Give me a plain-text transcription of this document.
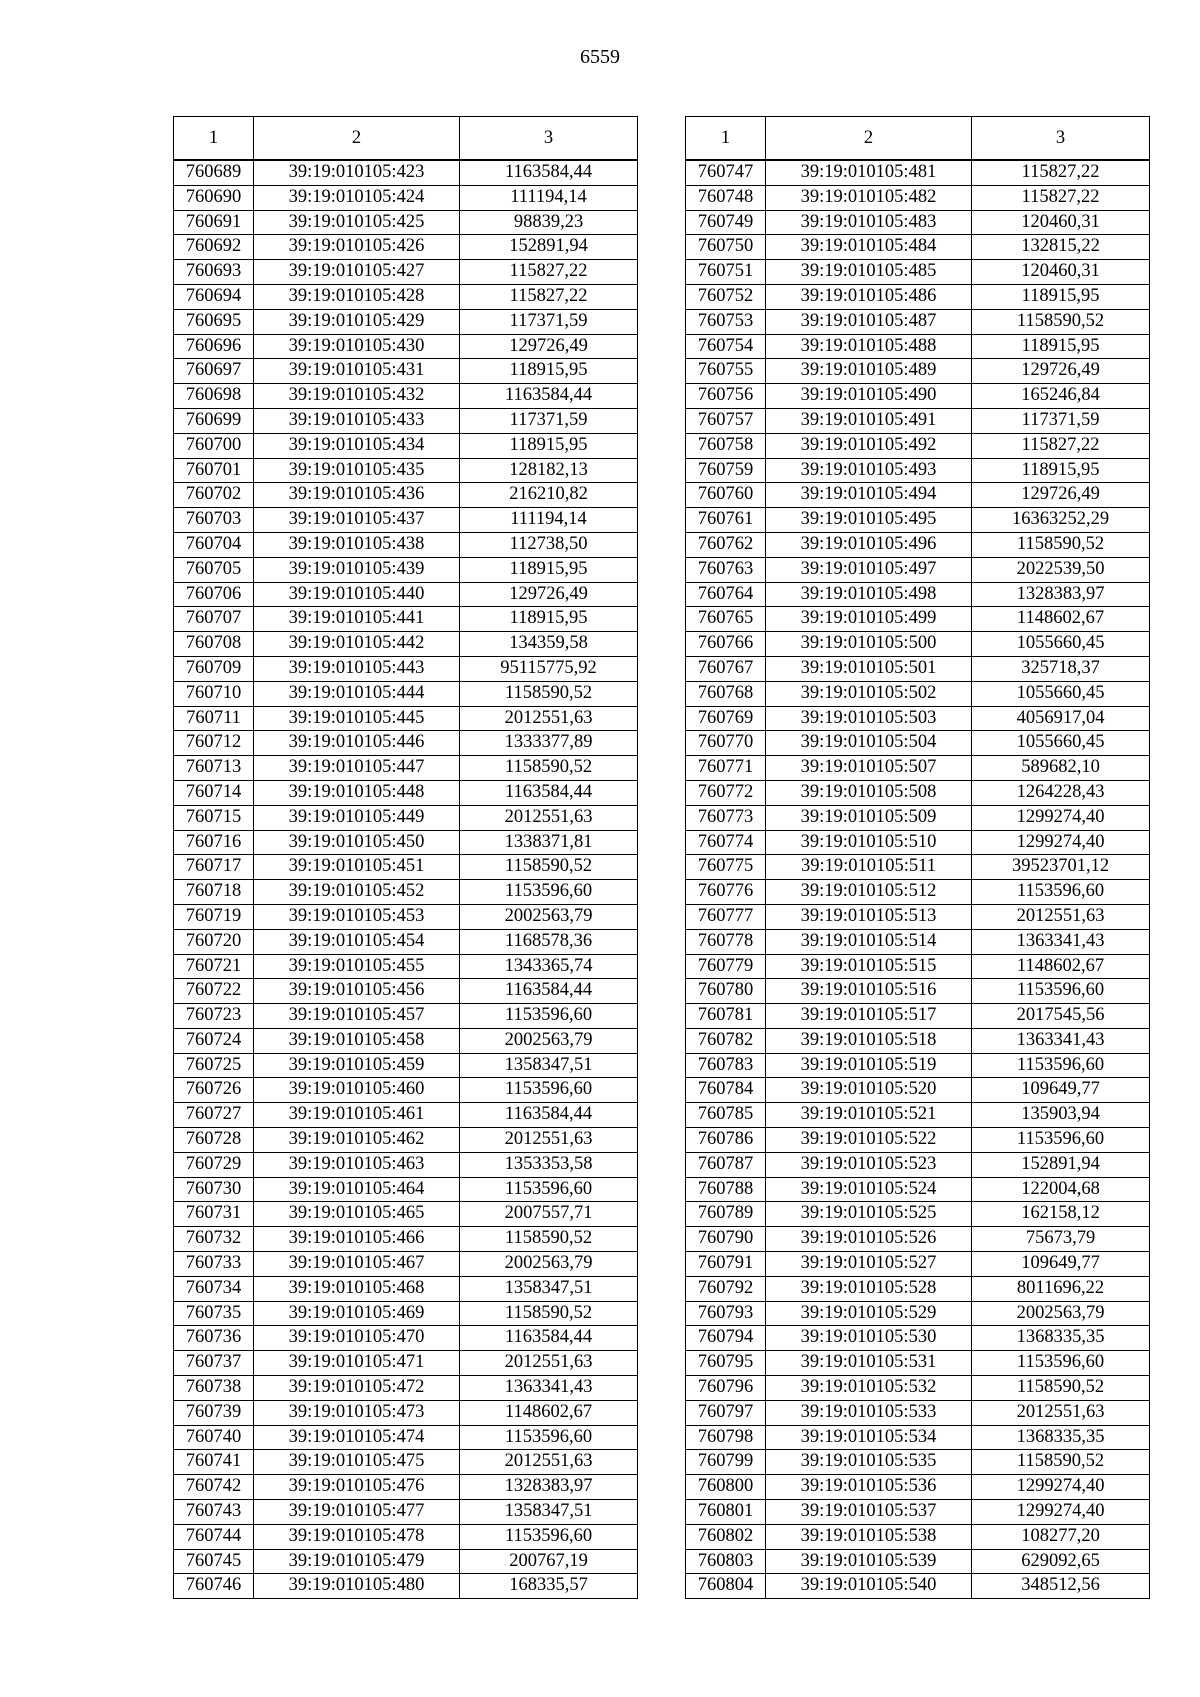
6559
1	2	3
760689	39:19:010105:423	1163584,44
760690	39:19:010105:424	111194,14
760691	39:19:010105:425	98839,23
760692	39:19:010105:426	152891,94
760693	39:19:010105:427	115827,22
760694	39:19:010105:428	115827,22
760695	39:19:010105:429	117371,59
760696	39:19:010105:430	129726,49
760697	39:19:010105:431	118915,95
760698	39:19:010105:432	1163584,44
760699	39:19:010105:433	117371,59
760700	39:19:010105:434	118915,95
760701	39:19:010105:435	128182,13
760702	39:19:010105:436	216210,82
760703	39:19:010105:437	111194,14
760704	39:19:010105:438	112738,50
760705	39:19:010105:439	118915,95
760706	39:19:010105:440	129726,49
760707	39:19:010105:441	118915,95
760708	39:19:010105:442	134359,58
760709	39:19:010105:443	95115775,92
760710	39:19:010105:444	1158590,52
760711	39:19:010105:445	2012551,63
760712	39:19:010105:446	1333377,89
760713	39:19:010105:447	1158590,52
760714	39:19:010105:448	1163584,44
760715	39:19:010105:449	2012551,63
760716	39:19:010105:450	1338371,81
760717	39:19:010105:451	1158590,52
760718	39:19:010105:452	1153596,60
760719	39:19:010105:453	2002563,79
760720	39:19:010105:454	1168578,36
760721	39:19:010105:455	1343365,74
760722	39:19:010105:456	1163584,44
760723	39:19:010105:457	1153596,60
760724	39:19:010105:458	2002563,79
760725	39:19:010105:459	1358347,51
760726	39:19:010105:460	1153596,60
760727	39:19:010105:461	1163584,44
760728	39:19:010105:462	2012551,63
760729	39:19:010105:463	1353353,58
760730	39:19:010105:464	1153596,60
760731	39:19:010105:465	2007557,71
760732	39:19:010105:466	1158590,52
760733	39:19:010105:467	2002563,79
760734	39:19:010105:468	1358347,51
760735	39:19:010105:469	1158590,52
760736	39:19:010105:470	1163584,44
760737	39:19:010105:471	2012551,63
760738	39:19:010105:472	1363341,43
760739	39:19:010105:473	1148602,67
760740	39:19:010105:474	1153596,60
760741	39:19:010105:475	2012551,63
760742	39:19:010105:476	1328383,97
760743	39:19:010105:477	1358347,51
760744	39:19:010105:478	1153596,60
760745	39:19:010105:479	200767,19
760746	39:19:010105:480	168335,57
1	2	3
760747	39:19:010105:481	115827,22
760748	39:19:010105:482	115827,22
760749	39:19:010105:483	120460,31
760750	39:19:010105:484	132815,22
760751	39:19:010105:485	120460,31
760752	39:19:010105:486	118915,95
760753	39:19:010105:487	1158590,52
760754	39:19:010105:488	118915,95
760755	39:19:010105:489	129726,49
760756	39:19:010105:490	165246,84
760757	39:19:010105:491	117371,59
760758	39:19:010105:492	115827,22
760759	39:19:010105:493	118915,95
760760	39:19:010105:494	129726,49
760761	39:19:010105:495	16363252,29
760762	39:19:010105:496	1158590,52
760763	39:19:010105:497	2022539,50
760764	39:19:010105:498	1328383,97
760765	39:19:010105:499	1148602,67
760766	39:19:010105:500	1055660,45
760767	39:19:010105:501	325718,37
760768	39:19:010105:502	1055660,45
760769	39:19:010105:503	4056917,04
760770	39:19:010105:504	1055660,45
760771	39:19:010105:507	589682,10
760772	39:19:010105:508	1264228,43
760773	39:19:010105:509	1299274,40
760774	39:19:010105:510	1299274,40
760775	39:19:010105:511	39523701,12
760776	39:19:010105:512	1153596,60
760777	39:19:010105:513	2012551,63
760778	39:19:010105:514	1363341,43
760779	39:19:010105:515	1148602,67
760780	39:19:010105:516	1153596,60
760781	39:19:010105:517	2017545,56
760782	39:19:010105:518	1363341,43
760783	39:19:010105:519	1153596,60
760784	39:19:010105:520	109649,77
760785	39:19:010105:521	135903,94
760786	39:19:010105:522	1153596,60
760787	39:19:010105:523	152891,94
760788	39:19:010105:524	122004,68
760789	39:19:010105:525	162158,12
760790	39:19:010105:526	75673,79
760791	39:19:010105:527	109649,77
760792	39:19:010105:528	8011696,22
760793	39:19:010105:529	2002563,79
760794	39:19:010105:530	1368335,35
760795	39:19:010105:531	1153596,60
760796	39:19:010105:532	1158590,52
760797	39:19:010105:533	2012551,63
760798	39:19:010105:534	1368335,35
760799	39:19:010105:535	1158590,52
760800	39:19:010105:536	1299274,40
760801	39:19:010105:537	1299274,40
760802	39:19:010105:538	108277,20
760803	39:19:010105:539	629092,65
760804	39:19:010105:540	348512,56
